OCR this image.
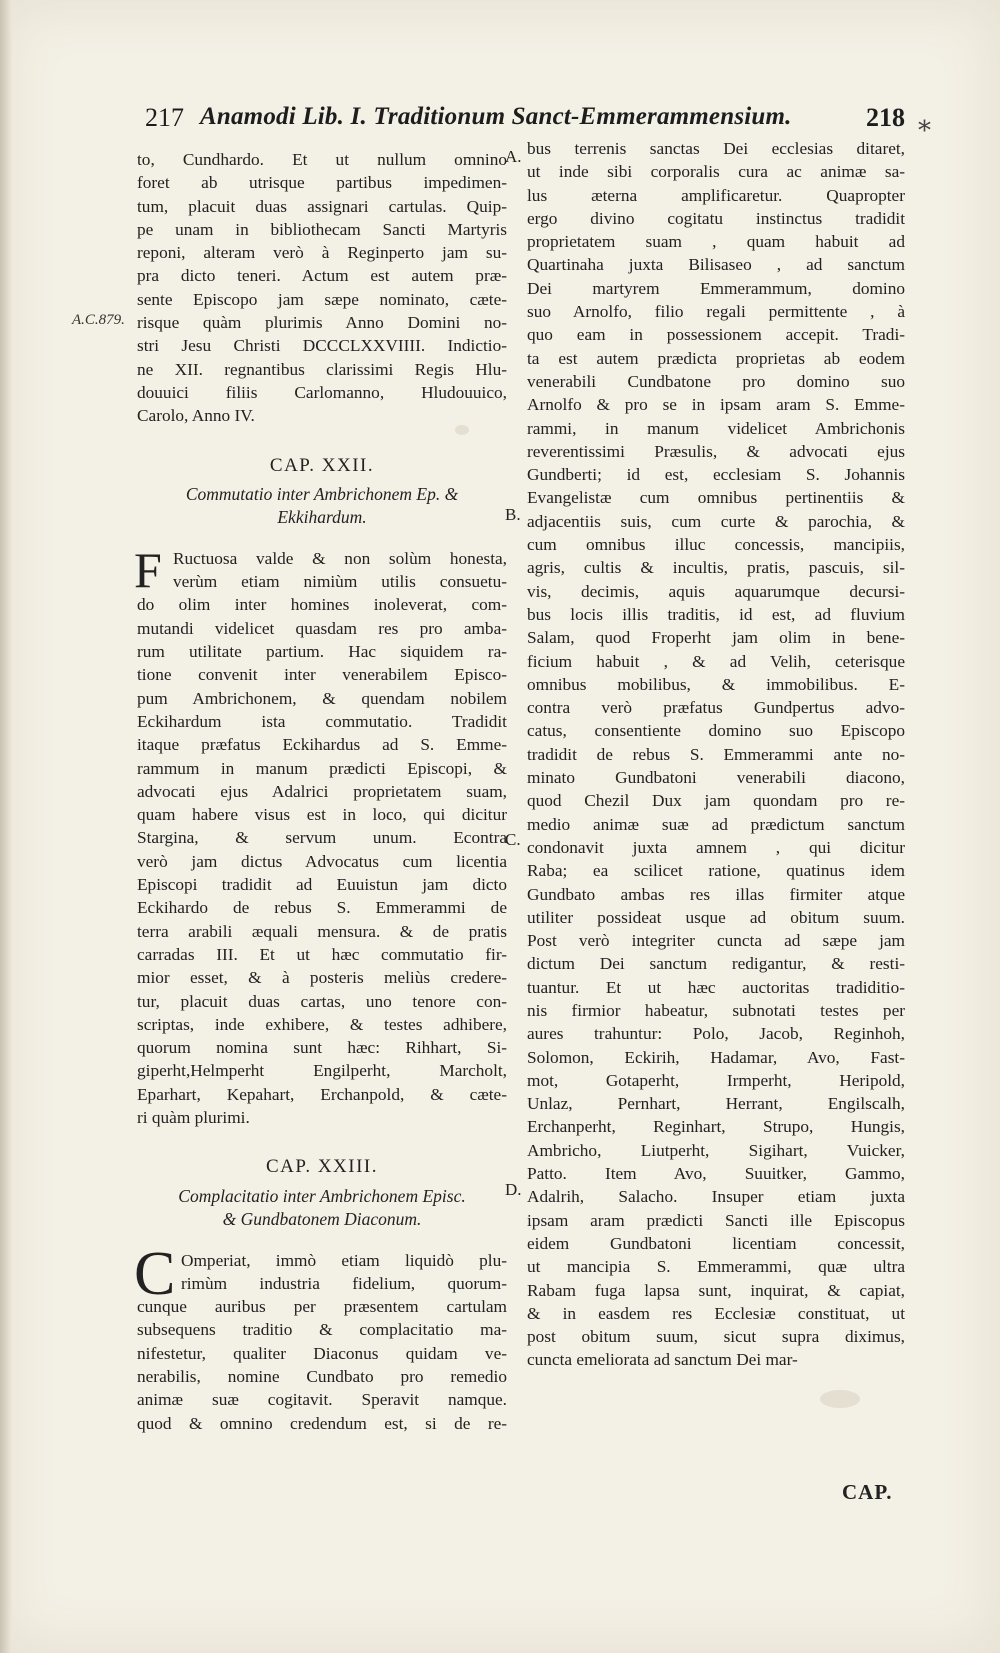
217 Anamodi Lib. I. Traditionum Sanct-Emmerammensium.	218 *
A.C.879.
A.
B.
C.
D.
to, Cundhardo. Et ut nullum omnino
foret ab utrisque partibus impedimen-
tum, placuit duas assignari cartulas. Quip-
pe unam in bibliothecam Sancti Martyris
reponi, alteram verò à Reginperto jam su-
pra dicto teneri. Actum est autem præ-
sente Episcopo jam sæpe nominato, cæte-
risque quàm plurimis Anno Domini no-
stri Jesu Christi DCCCLXXVIIII. Indictio-
ne XII. regnantibus clarissimi Regis Hlu-
douuici filiis Carlomanno, Hludouuico,
Carolo, Anno IV.
CAP. XXII.
Commutatio inter Ambrichonem Ep. &
Ekkihardum.
F Ructuosa valde & non solùm honesta,
verùm etiam nimiùm utilis consuetu-
do olim inter homines inoleverat, com-
mutandi videlicet quasdam res pro amba-
rum utilitate partium. Hac siquidem ra-
tione convenit inter venerabilem Episco-
pum Ambrichonem, & quendam nobilem
Eckihardum ista commutatio. Tradidit
itaque præfatus Eckihardus ad S. Emme-
rammum in manum prædicti Episcopi, &
advocati ejus Adalrici proprietatem suam,
quam habere visus est in loco, qui dicitur
Stargina, & servum unum. Econtra
verò jam dictus Advocatus cum licentia
Episcopi tradidit ad Euuistun jam dicto
Eckihardo de rebus S. Emmerammi de
terra arabili æquali mensura. & de pratis
carradas III. Et ut hæc commutatio fir-
mior esset, & à posteris meliùs credere-
tur, placuit duas cartas, uno tenore con-
scriptas, inde exhibere, & testes adhibere,
quorum nomina sunt hæc: Rihhart, Si-
giperht,Helmperht Engilperht, Marcholt,
Eparhart, Kepahart, Erchanpold, & cæte-
ri quàm plurimi.
CAP. XXIII.
Complacitatio inter Ambrichonem Episc.
& Gundbatonem Diaconum.
C Omperiat, immò etiam liquidò plu-
rimùm industria fidelium, quorum-
cunque auribus per præsentem cartulam
subsequens traditio & complacitatio ma-
nifestetur, qualiter Diaconus quidam ve-
nerabilis, nomine Cundbato pro remedio
animæ suæ cogitavit. Speravit namque.
quod & omnino credendum est, si de re-
bus terrenis sanctas Dei ecclesias ditaret,
ut inde sibi corporalis cura ac animæ sa-
lus æterna amplificaretur. Quapropter
ergo divino cogitatu instinctus tradidit
proprietatem suam , quam habuit ad
Quartinaha juxta Bilisaseo , ad sanctum
Dei martyrem Emmerammum, domino
suo Arnolfo, filio regali permittente , à
quo eam in possessionem accepit. Tradi-
ta est autem prædicta proprietas ab eodem
venerabili Cundbatone pro domino suo
Arnolfo & pro se in ipsam aram S. Emme-
rammi, in manum videlicet Ambrichonis
reverentissimi Præsulis, & advocati ejus
Gundberti; id est, ecclesiam S. Johannis
Evangelistæ cum omnibus pertinentiis &
adjacentiis suis, cum curte & parochia, &
cum omnibus illuc concessis, mancipiis,
agris, cultis & incultis, pratis, pascuis, sil-
vis, decimis, aquis aquarumque decursi-
bus locis illis traditis, id est, ad fluvium
Salam, quod Froperht jam olim in bene-
ficium habuit , & ad Velih, ceterisque
omnibus mobilibus, & immobilibus. E-
contra verò præfatus Gundpertus advo-
catus, consentiente domino suo Episcopo
tradidit de rebus S. Emmerammi ante no-
minato Gundbatoni venerabili diacono,
quod Chezil Dux jam quondam pro re-
medio animæ suæ ad prædictum sanctum
condonavit juxta amnem , qui dicitur
Raba; ea scilicet ratione, quatinus idem
Gundbato ambas res illas firmiter atque
utiliter possideat usque ad obitum suum.
Post verò integriter cuncta ad sæpe jam
dictum Dei sanctum redigantur, & resti-
tuantur. Et ut hæc auctoritas tradiditio-
nis firmior habeatur, subnotati testes per
aures trahuntur: Polo, Jacob, Reginhoh,
Solomon, Eckirih, Hadamar, Avo, Fast-
mot, Gotaperht, Irmperht, Heripold,
Unlaz, Pernhart, Herrant, Engilscalh,
Erchanperht, Reginhart, Strupo, Hungis,
Ambricho, Liutperht, Sigihart, Vuicker,
Patto. Item Avo, Suuitker, Gammo,
Adalrih, Salacho. Insuper etiam juxta
ipsam aram prædicti Sancti ille Episcopus
eidem Gundbatoni licentiam concessit,
ut mancipia S. Emmerammi, quæ ultra
Rabam fuga lapsa sunt, inquirat, & capiat,
& in easdem res Ecclesiæ constituat, ut
post obitum suum, sicut supra diximus,
cuncta emeliorata ad sanctum Dei mar-
CAP.
